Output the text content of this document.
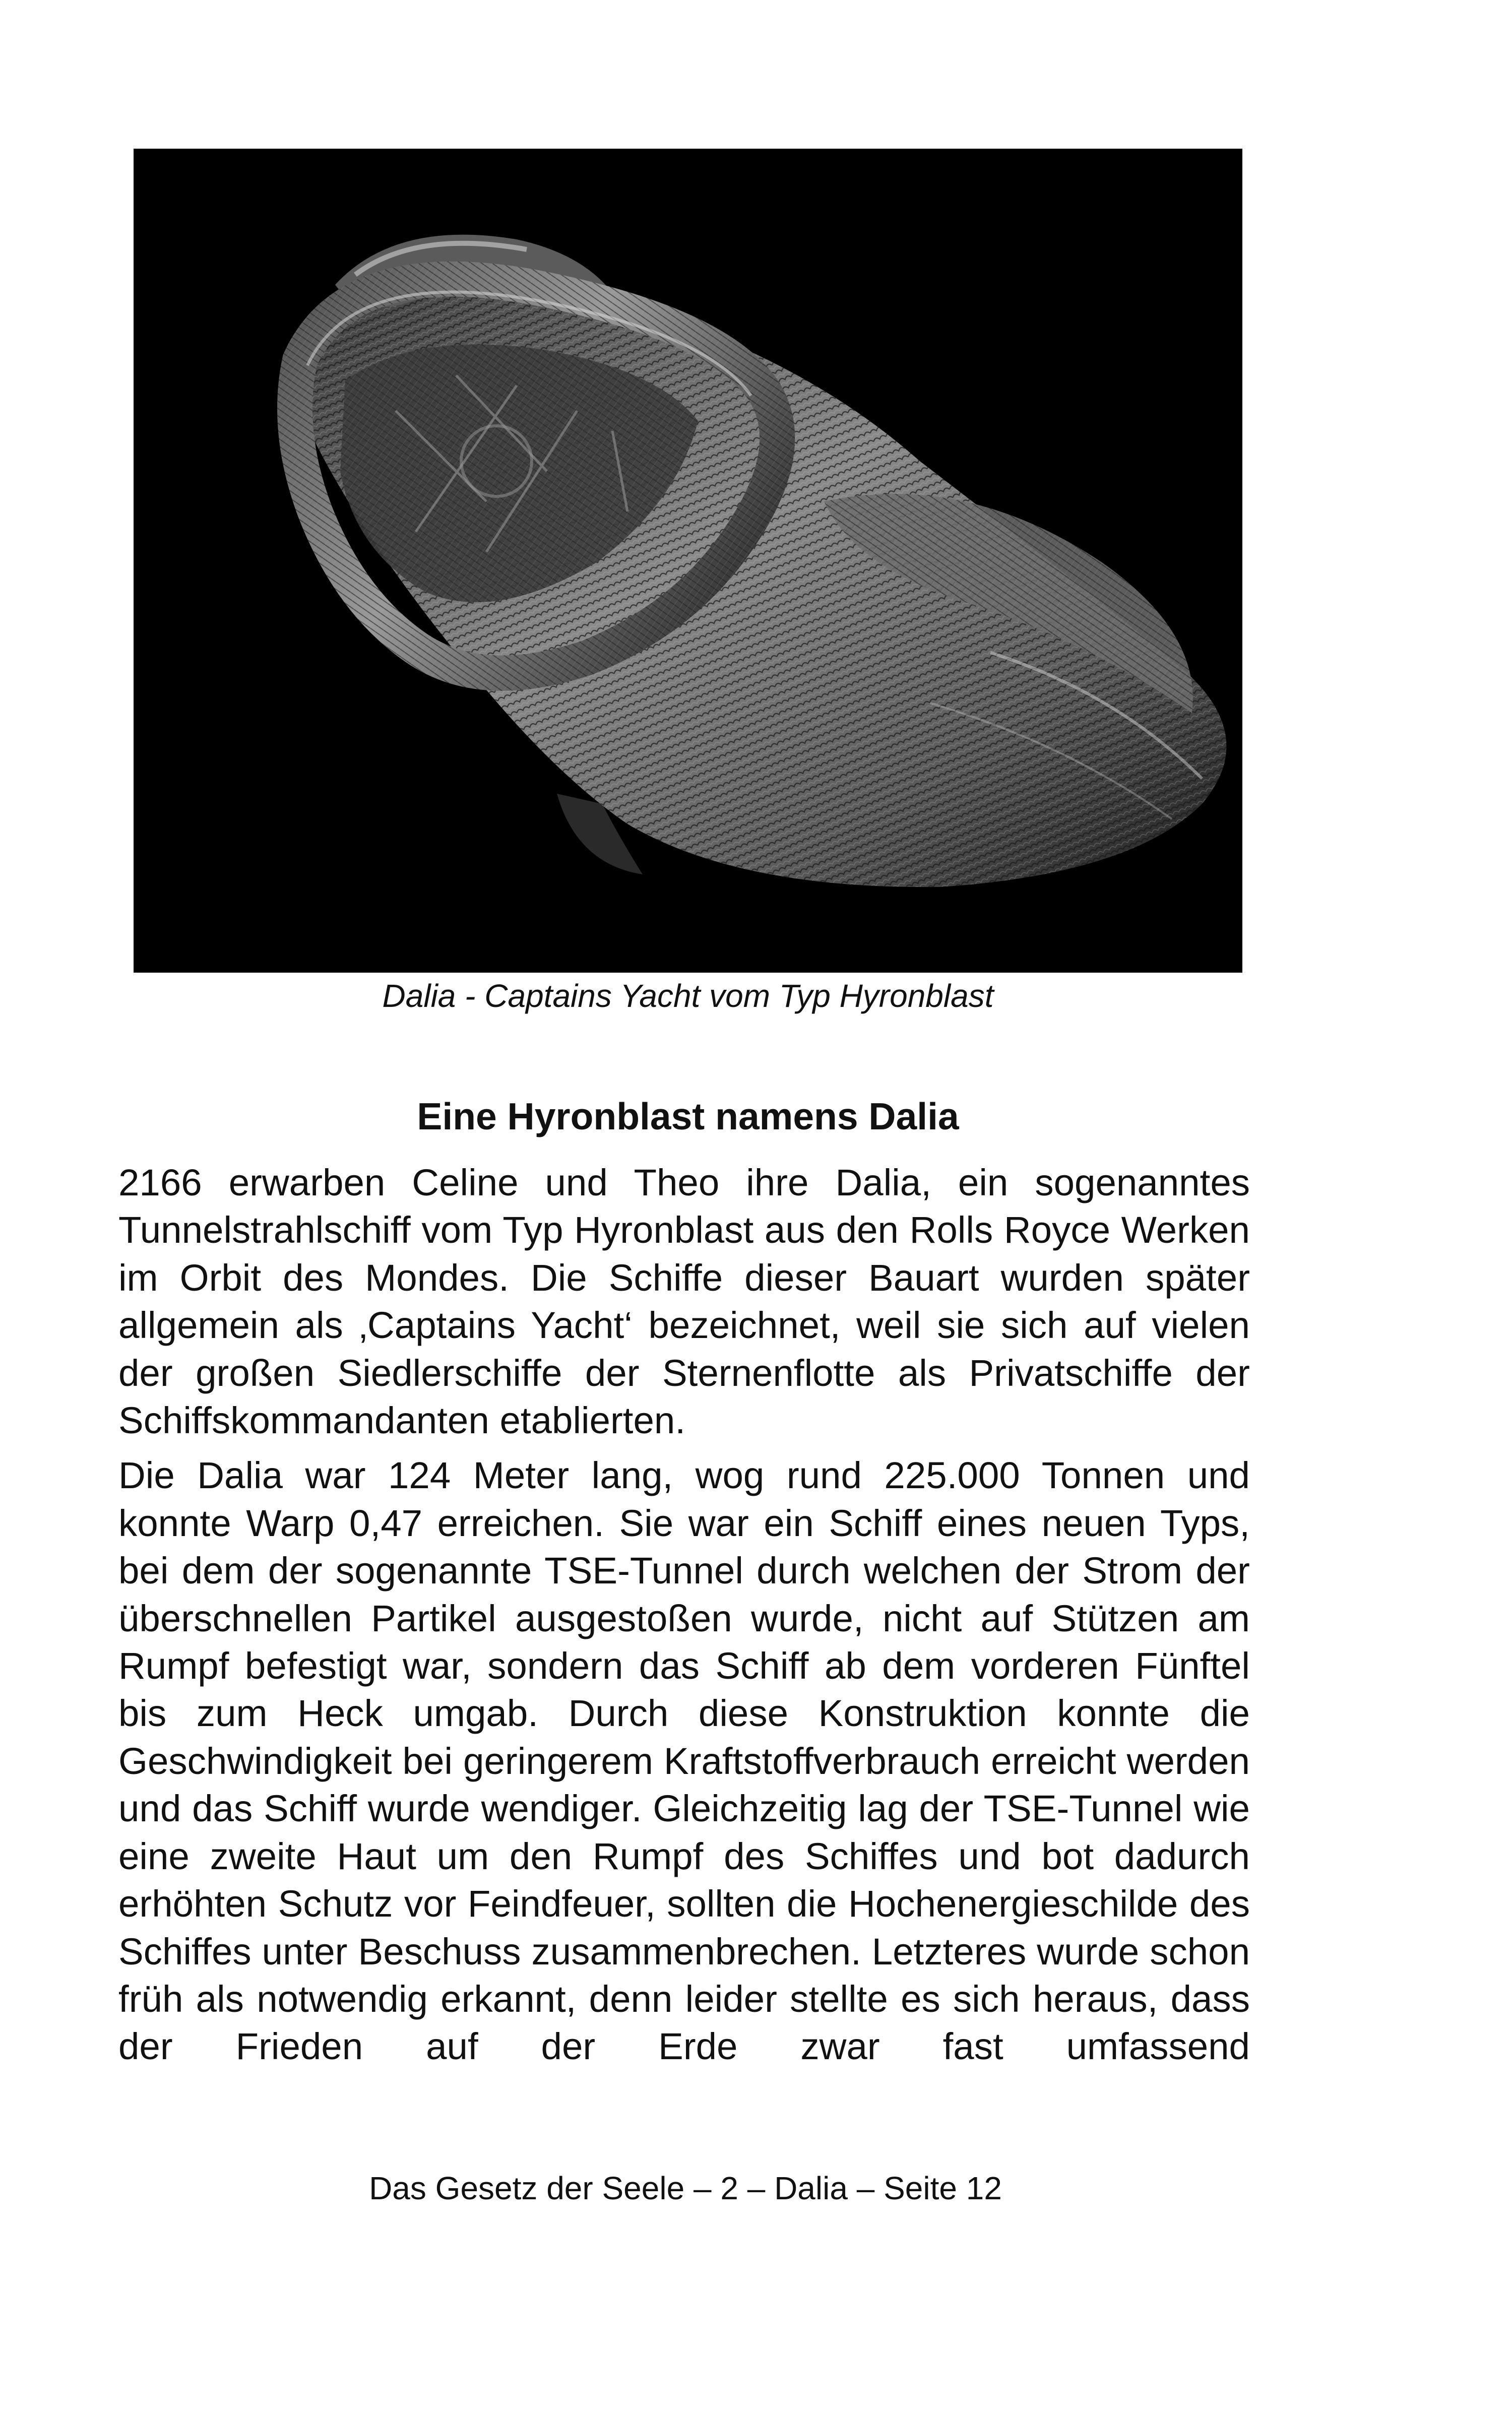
Dalia - Captains Yacht vom Typ Hyronblast
Eine Hyronblast namens Dalia

2166 erwarben Celine und Theo ihre Dalia, ein sogenanntes Tunnelstrahlschiff vom Typ Hyronblast aus den Rolls Royce Werken im Orbit des Mondes. Die Schiffe dieser Bauart wurden später allgemein als ‚Captains Yacht‘ bezeichnet, weil sie sich auf vielen der großen Siedlerschiffe der Sternenflotte als Privatschiffe der Schiffskommandanten etablierten.

Die Dalia war 124 Meter lang, wog rund 225.000 Tonnen und konnte Warp 0,47 erreichen. Sie war ein Schiff eines neuen Typs, bei dem der sogenannte TSE-Tunnel durch welchen der Strom der überschnellen Partikel ausgestoßen wurde, nicht auf Stützen am Rumpf befestigt war, sondern das Schiff ab dem vorderen Fünftel bis zum Heck umgab. Durch diese Konstruktion konnte die Geschwindigkeit bei geringerem Kraftstoffverbrauch erreicht werden und das Schiff wurde wendiger. Gleichzeitig lag der TSE-Tunnel wie eine zweite Haut um den Rumpf des Schiffes und bot dadurch erhöhten Schutz vor Feindfeuer, sollten die Hochenergieschilde des Schiffes unter Beschuss zusammenbrechen. Letzteres wurde schon früh als notwendig erkannt, denn leider stellte es sich heraus, dass der Frieden auf der Erde zwar fast umfassend

Das Gesetz der Seele – 2 – Dalia – Seite 12
